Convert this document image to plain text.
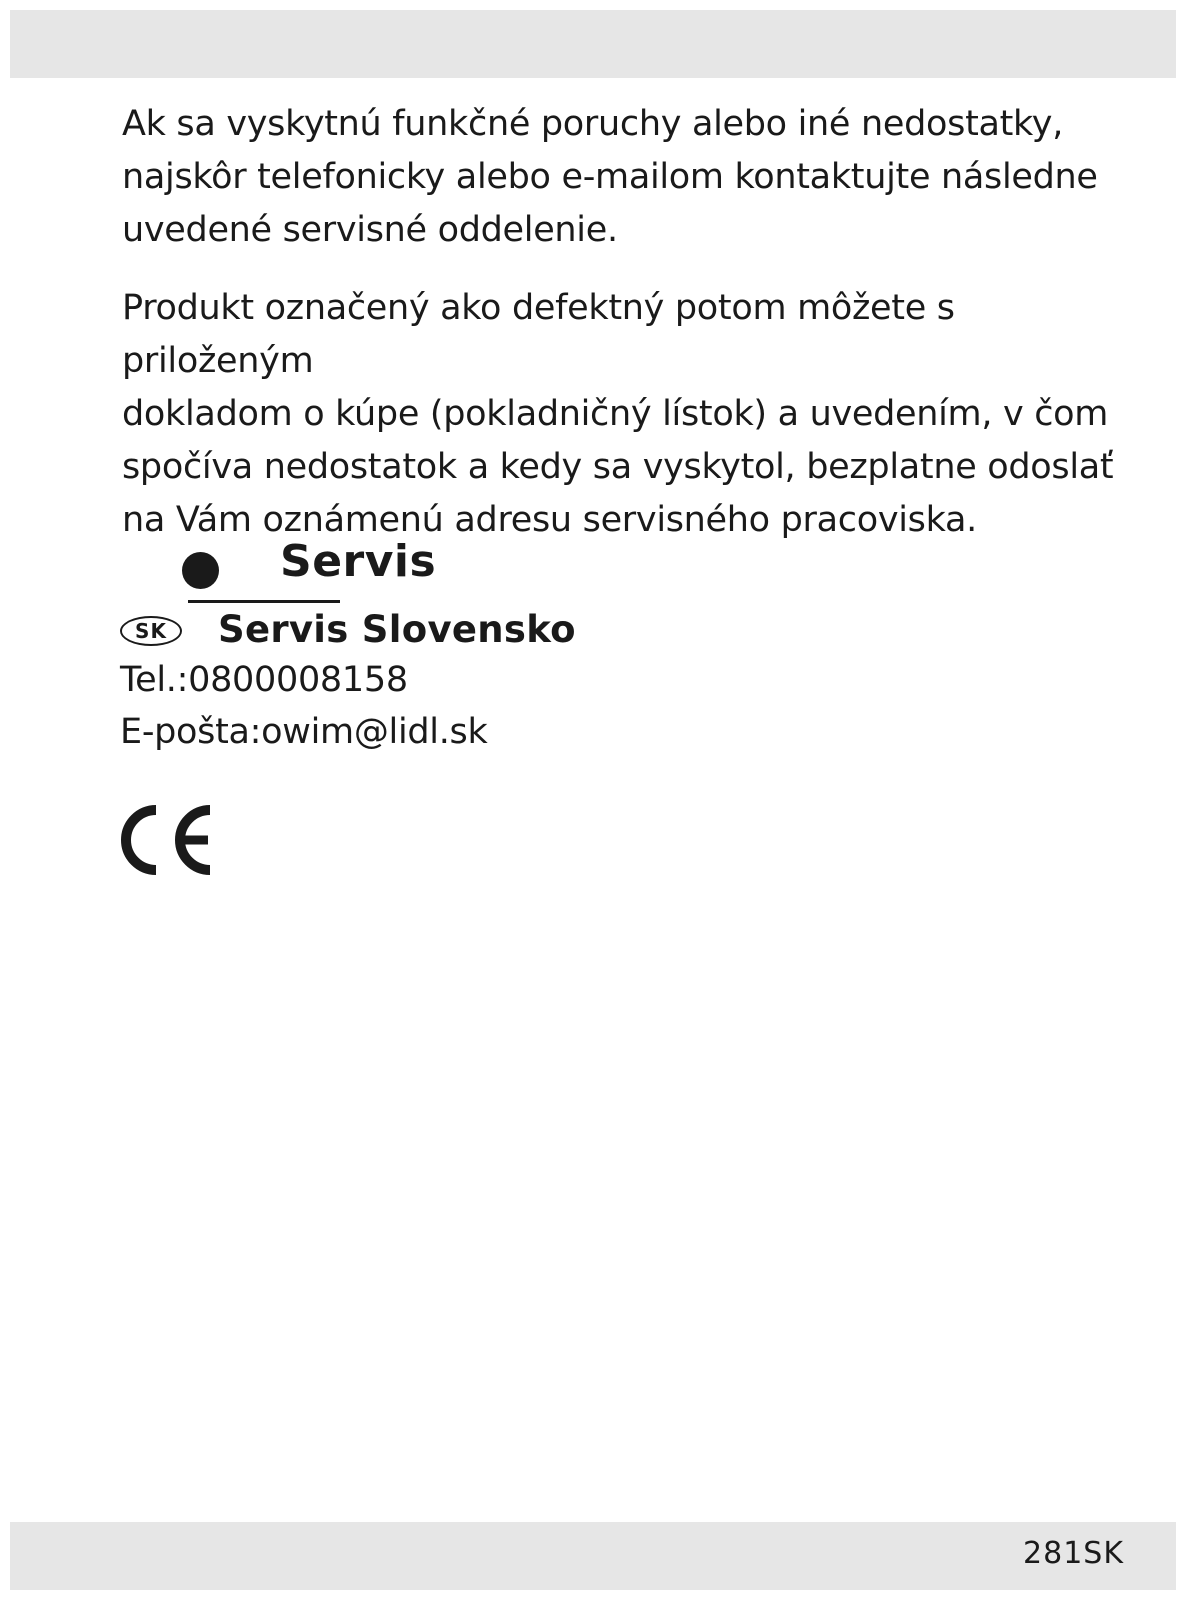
Ak sa vyskytnú funkčné poruchy alebo iné nedostatky,
najskôr telefonicky alebo e-mailom kontaktujte následne
uvedené servisné oddelenie.

Produkt označený ako defektný potom môžete s priloženým
dokladom o kúpe (pokladničný lístok) a uvedením, v čom
spočíva nedostatok a kedy sa vyskytol, bezplatne odoslať
na Vám oznámenú adresu servisného pracoviska.

Servis
SK	Servis Slovensko
Tel.:0800008158
E-pošta:owim@lidl.sk
281SK
